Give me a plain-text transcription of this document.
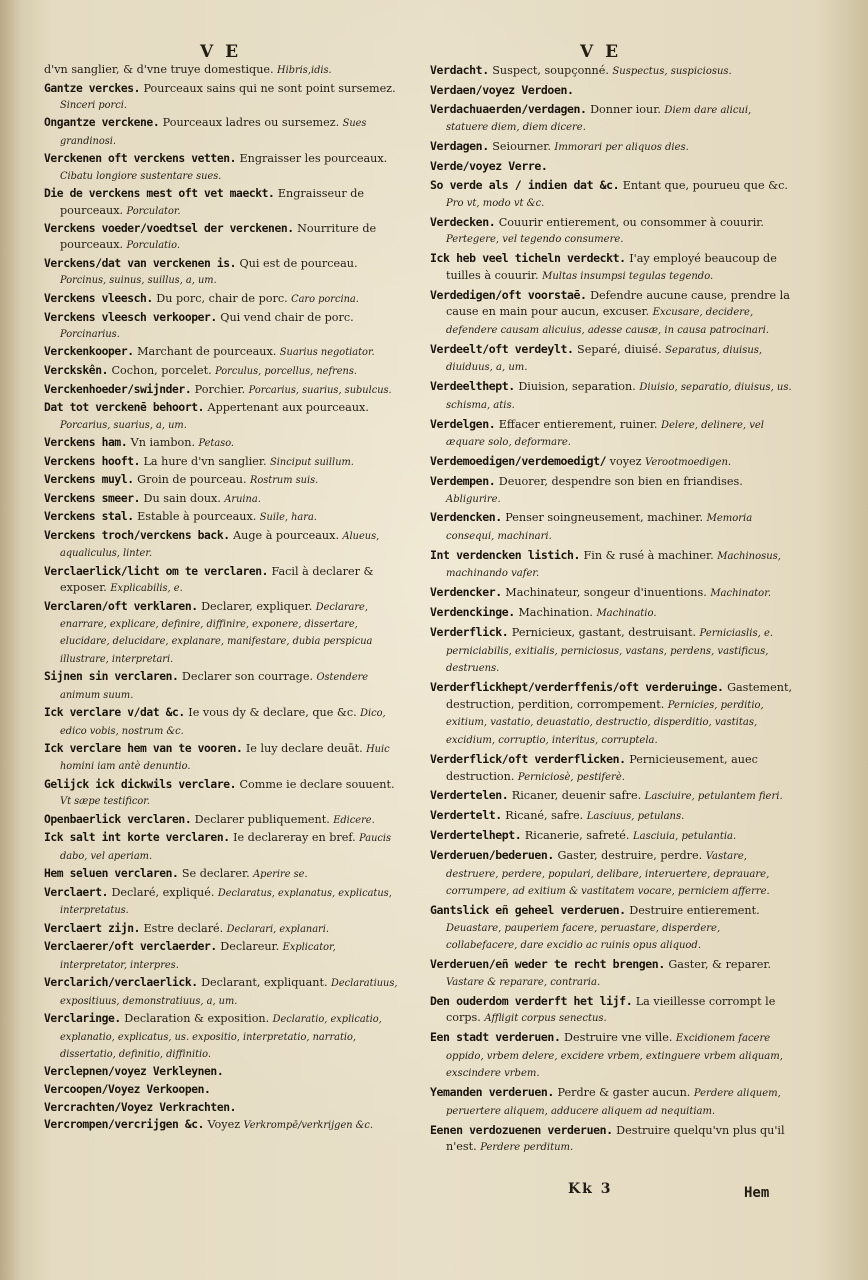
V E	V E
d'vn sanglier, & d'vne truye domestique. Hibris,idis.
Gantze verckes. Pourceaux sains qui ne sont point sursemez. Sinceri porci.
Ongantze verckene. Pourceaux ladres ou sursemez. Sues grandinosi.
Verckenen oft verckens vetten. Engraisser les pourceaux. Cibatu longiore sustentare sues.
Die de verckens mest oft vet maeckt. Engraisseur de pourceaux. Porculator.
Verckens voeder/voedtsel der verckenen. Nourriture de pourceaux. Porculatio.
Verckens/dat van verckenen is. Qui est de pourceau. Porcinus, suinus, suillus, a, um.
Verckens vleesch. Du porc, chair de porc. Caro porcina.
Verckens vleesch verkooper. Qui vend chair de porc. Porcinarius.
Verckenkooper. Marchant de pourceaux. Suarius negotiator.
Verckskên. Cochon, porcelet. Porculus, porcellus, nefrens.
Verckenhoeder/swijnder. Porchier. Porcarius, suarius, subulcus.
Dat tot verckenē behoort. Appertenant aux pourceaux. Porcarius, suarius, a, um.
Verckens ham. Vn iambon. Petaso.
Verckens hooft. La hure d'vn sanglier. Sinciput suillum.
Verckens muyl. Groin de pourceau. Rostrum suis.
Verckens smeer. Du sain doux. Aruina.
Verckens stal. Estable à pourceaux. Suile, hara.
Verckens troch/verckens back. Auge à pourceaux. Alueus, aqualiculus, linter.
Verclaerlick/licht om te verclaren. Facil à declarer & exposer. Explicabilis, e.
Verclaren/oft verklaren. Declarer, expliquer. Declarare, enarrare, explicare, definire, diffinire, exponere, dissertare, elucidare, delucidare, explanare, manifestare, dubia perspicua illustrare, interpretari.
Sijnen sin verclaren. Declarer son courrage. Ostendere animum suum.
Ick verclare v/dat &c. Ie vous dy & declare, que &c. Dico, edico vobis, nostrum &c.
Ick verclare hem van te vooren. Ie luy declare deuāt. Huic homini iam antè denuntio.
Gelijck ick dickwils verclare. Comme ie declare souuent. Vt sæpe testificor.
Openbaerlick verclaren. Declarer publiquement. Edicere.
Ick salt int korte verclaren. Ie declareray en bref. Paucis dabo, vel aperiam.
Hem seluen verclaren. Se declarer. Aperire se.
Verclaert. Declaré, expliqué. Declaratus, explanatus, explicatus, interpretatus.
Verclaert zijn. Estre declaré. Declarari, explanari.
Verclaerer/oft verclaerder. Declareur. Explicator, interpretator, interpres.
Verclarich/verclaerlick. Declarant, expliquant. Declaratiuus, expositiuus, demonstratiuus, a, um.
Verclaringe. Declaration & exposition. Declaratio, explicatio, explanatio, explicatus, us. expositio, interpretatio, narratio, dissertatio, definitio, diffinitio.
Verclepnen/voyez Verkleynen.
Vercoopen/Voyez Verkoopen.
Vercrachten/Voyez Verkrachten.
Vercrompen/vercrijgen &c. Voyez Verkrompē/verkrijgen &c.
Verdacht. Suspect, soupçonné. Suspectus, suspiciosus.
Verdaen/voyez Verdoen.
Verdachuaerden/verdagen. Donner iour. Diem dare alicui, statuere diem, diem dicere.
Verdagen. Seiourner. Immorari per aliquos dies.
Verde/voyez Verre.
So verde als / indien dat &c. Entant que, pourueu que &c. Pro vt, modo vt &c.
Verdecken. Couurir entierement, ou consommer à couurir. Pertegere, vel tegendo consumere.
Ick heb veel ticheln verdeckt. I'ay employé beaucoup de tuilles à couurir. Multas insumpsi tegulas tegendo.
Verdedigen/oft voorstaē. Defendre aucune cause, prendre la cause en main pour aucun, excuser. Excusare, decidere, defendere causam alicuius, adesse causæ, in causa patrocinari.
Verdeelt/oft verdeylt. Separé, diuisé. Separatus, diuisus, diuiduus, a, um.
Verdeelthept. Diuision, separation. Diuisio, separatio, diuisus, us. schisma, atis.
Verdelgen. Effacer entierement, ruiner. Delere, delinere, vel æquare solo, deformare.
Verdemoedigen/verdemoedigt/ voyez Verootmoedigen.
Verdempen. Deuorer, despendre son bien en friandises. Abligurire.
Verdencken. Penser soingneusement, machiner. Memoria consequi, machinari.
Int verdencken listich. Fin & rusé à machiner. Machinosus, machinando vafer.
Verdencker. Machinateur, songeur d'inuentions. Machinator.
Verdenckinge. Machination. Machinatio.
Verderflick. Pernicieux, gastant, destruisant. Perniciaslis, e. perniciabilis, exitialis, perniciosus, vastans, perdens, vastificus, destruens.
Verderflickhept/verderffenis/oft verderuinge. Gastement, destruction, perdition, corrompement. Pernicies, perditio, exitium, vastatio, deuastatio, destructio, disperditio, vastitas, excidium, corruptio, interitus, corruptela.
Verderflick/oft verderflicken. Pernicieusement, auec destruction. Perniciosè, pestiferè.
Verdertelen. Ricaner, deuenir safre. Lasciuire, petulantem fieri.
Verdertelt. Ricané, safre. Lasciuus, petulans.
Verdertelhept. Ricanerie, safreté. Lasciuia, petulantia.
Verderuen/bederuen. Gaster, destruire, perdre. Vastare, destruere, perdere, populari, delibare, interuertere, deprauare, corrumpere, ad exitium & vastitatem vocare, perniciem afferre.
Gantslick eñ geheel verderuen. Destruire entierement. Deuastare, pauperiem facere, peruastare, disperdere, collabefacere, dare excidio ac ruinis opus aliquod.
Verderuen/eñ weder te recht brengen. Gaster, & reparer. Vastare & reparare, contraria.
Den ouderdom verderft het lijf. La vieillesse corrompt le corps. Affligit corpus senectus.
Een stadt verderuen. Destruire vne ville. Excidionem facere oppido, vrbem delere, excidere vrbem, extinguere vrbem aliquam, exscindere vrbem.
Yemanden verderuen. Perdre & gaster aucun. Perdere aliquem, peruertere aliquem, adducere aliquem ad nequitiam.
Eenen verdozuenen verderuen. Destruire quelqu'vn plus qu'il n'est. Perdere perditum.
Kk 3	Hem
